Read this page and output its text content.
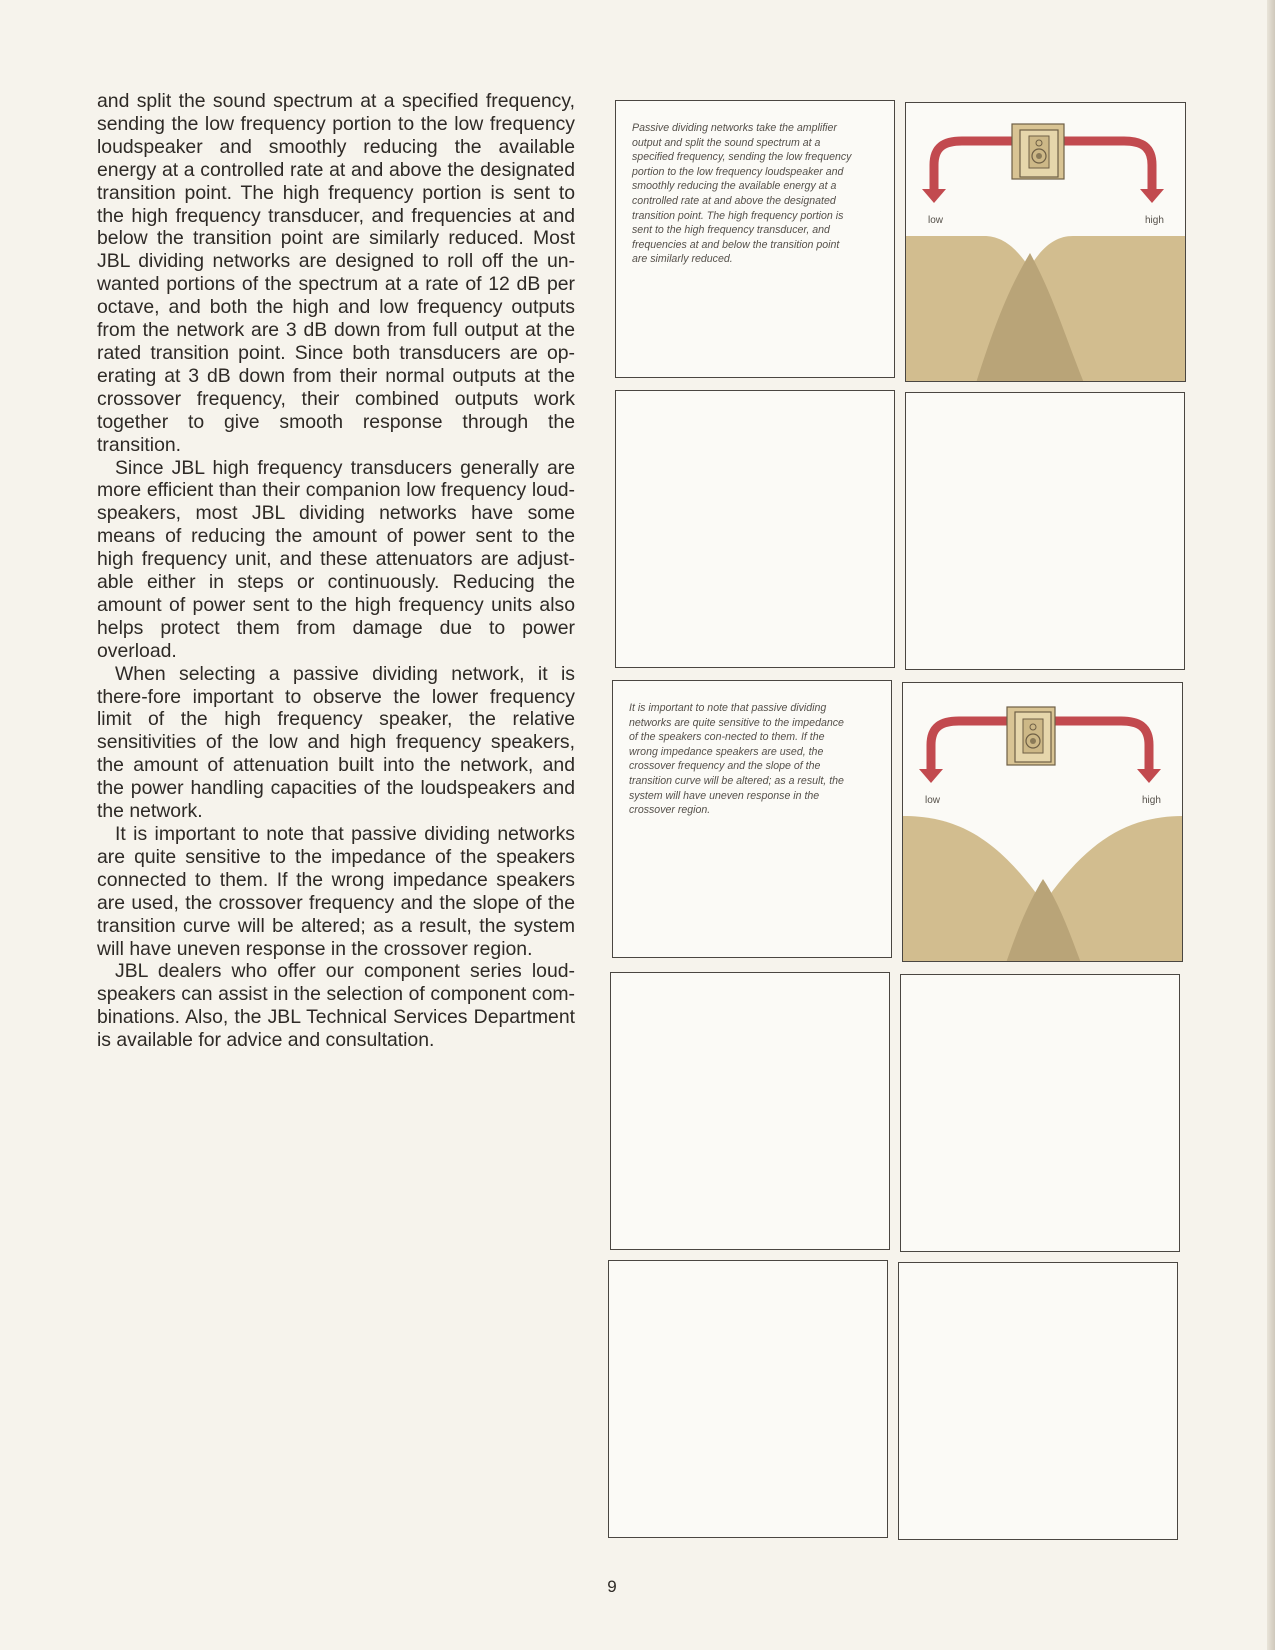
and split the sound spectrum at a specified frequency, sending the low frequency portion to the low frequency loudspeaker and smoothly reducing the available energy at a controlled rate at and above the designated transition point. The high frequency portion is sent to the high frequency transducer, and frequencies at and below the transition point are similarly reduced. Most JBL dividing networks are designed to roll off the un-wanted portions of the spectrum at a rate of 12 dB per octave, and both the high and low frequency outputs from the network are 3 dB down from full output at the rated transition point. Since both transducers are op-erating at 3 dB down from their normal outputs at the crossover frequency, their combined outputs work together to give smooth response through the transition.

Since JBL high frequency transducers generally are more efficient than their companion low frequency loud-speakers, most JBL dividing networks have some means of reducing the amount of power sent to the high frequency unit, and these attenuators are adjust-able either in steps or continuously. Reducing the amount of power sent to the high frequency units also helps protect them from damage due to power overload.

When selecting a passive dividing network, it is there-fore important to observe the lower frequency limit of the high frequency speaker, the relative sensitivities of the low and high frequency speakers, the amount of attenuation built into the network, and the power handling capacities of the loudspeakers and the network.

It is important to note that passive dividing networks are quite sensitive to the impedance of the speakers connected to them. If the wrong impedance speakers are used, the crossover frequency and the slope of the transition curve will be altered; as a result, the system will have uneven response in the crossover region.

JBL dealers who offer our component series loud-speakers can assist in the selection of component com-binations. Also, the JBL Technical Services Department is available for advice and consultation.

Passive dividing networks take the amplifier output and split the sound spectrum at a specified frequency, sending the low frequency portion to the low frequency loudspeaker and smoothly reducing the available energy at a controlled rate at and above the designated transition point. The high frequency portion is sent to the high frequency transducer, and frequencies at and below the transition point are similarly reduced.
low	high
It is important to note that passive dividing networks are quite sensitive to the impedance of the speakers con-nected to them. If the wrong impedance speakers are used, the crossover frequency and the slope of the transition curve will be altered; as a result, the system will have uneven response in the crossover region.
low	high
9
